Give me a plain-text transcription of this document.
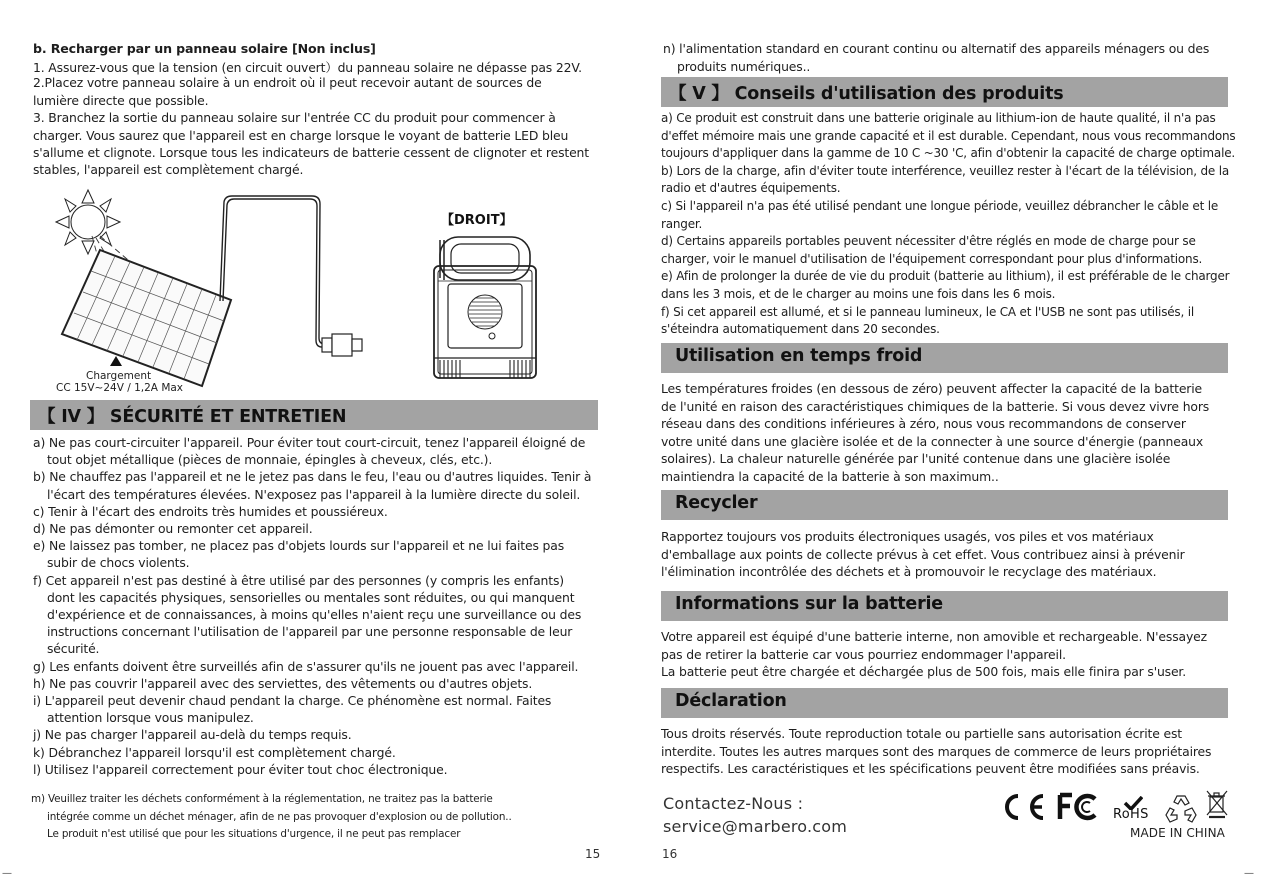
b. Recharger par un panneau solaire [Non inclus]
1. Assurez-vous que la tension (en circuit ouvert）du panneau solaire ne dépasse pas 22V.
2.Placez votre panneau solaire à un endroit où il peut recevoir autant de sources de
lumière directe que possible.
3. Branchez la sortie du panneau solaire sur l'entrée CC du produit pour commencer à
charger. Vous saurez que l'appareil est en charge lorsque le voyant de batterie LED bleu
s'allume et clignote. Lorsque tous les indicateurs de batterie cessent de clignoter et restent
stables, l'appareil est complètement chargé.
【DROIT】
Chargement
CC 15V~24V / 1,2A Max
【 IV 】 SÉCURITÉ ET ENTRETIEN
a) Ne pas court-circuiter l'appareil. Pour éviter tout court-circuit, tenez l'appareil éloigné de
tout objet métallique (pièces de monnaie, épingles à cheveux, clés, etc.).
b) Ne chauffez pas l'appareil et ne le jetez pas dans le feu, l'eau ou d'autres liquides. Tenir à
l'écart des températures élevées. N'exposez pas l'appareil à la lumière directe du soleil.
c) Tenir à l'écart des endroits très humides et poussiéreux.
d) Ne pas démonter ou remonter cet appareil.
e) Ne laissez pas tomber, ne placez pas d'objets lourds sur l'appareil et ne lui faites pas
subir de chocs violents.
f) Cet appareil n'est pas destiné à être utilisé par des personnes (y compris les enfants)
dont les capacités physiques, sensorielles ou mentales sont réduites, ou qui manquent
d'expérience et de connaissances, à moins qu'elles n'aient reçu une surveillance ou des
instructions concernant l'utilisation de l'appareil par une personne responsable de leur
sécurité.
g) Les enfants doivent être surveillés afin de s'assurer qu'ils ne jouent pas avec l'appareil.
h) Ne pas couvrir l'appareil avec des serviettes, des vêtements ou d'autres objets.
i) L'appareil peut devenir chaud pendant la charge. Ce phénomène est normal. Faites
attention lorsque vous manipulez.
j) Ne pas charger l'appareil au-delà du temps requis.
k) Débranchez l'appareil lorsqu'il est complètement chargé.
l) Utilisez l'appareil correctement pour éviter tout choc électronique.
m) Veuillez traiter les déchets conformément à la réglementation, ne traitez pas la batterie
intégrée comme un déchet ménager, afin de ne pas provoquer d'explosion ou de pollution..
Le produit n'est utilisé que pour les situations d'urgence, il ne peut pas remplacer
15
—
n) l'alimentation standard en courant continu ou alternatif des appareils ménagers ou des
produits numériques..
【 V 】 Conseils d'utilisation des produits
a) Ce produit est construit dans une batterie originale au lithium-ion de haute qualité, il n'a pas
d'effet mémoire mais une grande capacité et il est durable. Cependant, nous vous recommandons
toujours d'appliquer dans la gamme de 10 C ~30 'C, afin d'obtenir la capacité de charge optimale.
b) Lors de la charge, afin d'éviter toute interférence, veuillez rester à l'écart de la télévision, de la
radio et d'autres équipements.
c) Si l'appareil n'a pas été utilisé pendant une longue période, veuillez débrancher le câble et le
ranger.
d) Certains appareils portables peuvent nécessiter d'être réglés en mode de charge pour se
charger, voir le manuel d'utilisation de l'équipement correspondant pour plus d'informations.
e) Afin de prolonger la durée de vie du produit (batterie au lithium), il est préférable de le charger
dans les 3 mois, et de le charger au moins une fois dans les 6 mois.
f) Si cet appareil est allumé, et si le panneau lumineux, le CA et l'USB ne sont pas utilisés, il
s'éteindra automatiquement dans 20 secondes.
Utilisation en temps froid
Les températures froides (en dessous de zéro) peuvent affecter la capacité de la batterie
de l'unité en raison des caractéristiques chimiques de la batterie. Si vous devez vivre hors
réseau dans des conditions inférieures à zéro, nous vous recommandons de conserver
votre unité dans une glacière isolée et de la connecter à une source d'énergie (panneaux
solaires). La chaleur naturelle générée par l'unité contenue dans une glacière isolée
maintiendra la capacité de la batterie à son maximum..
Recycler
Rapportez toujours vos produits électroniques usagés, vos piles et vos matériaux
d'emballage aux points de collecte prévus à cet effet. Vous contribuez ainsi à prévenir
l'élimination incontrôlée des déchets et à promouvoir le recyclage des matériaux.
Informations sur la batterie
Votre appareil est équipé d'une batterie interne, non amovible et rechargeable. N'essayez
pas de retirer la batterie car vous pourriez endommager l'appareil.
La batterie peut être chargée et déchargée plus de 500 fois, mais elle finira par s'user.
Déclaration
Tous droits réservés. Toute reproduction totale ou partielle sans autorisation écrite est
interdite. Toutes les autres marques sont des marques de commerce de leurs propriétaires
respectifs. Les caractéristiques et les spécifications peuvent être modifiées sans préavis.
Contactez-Nous :
service@marbero.com
RoHS
MADE IN CHINA
16
—
